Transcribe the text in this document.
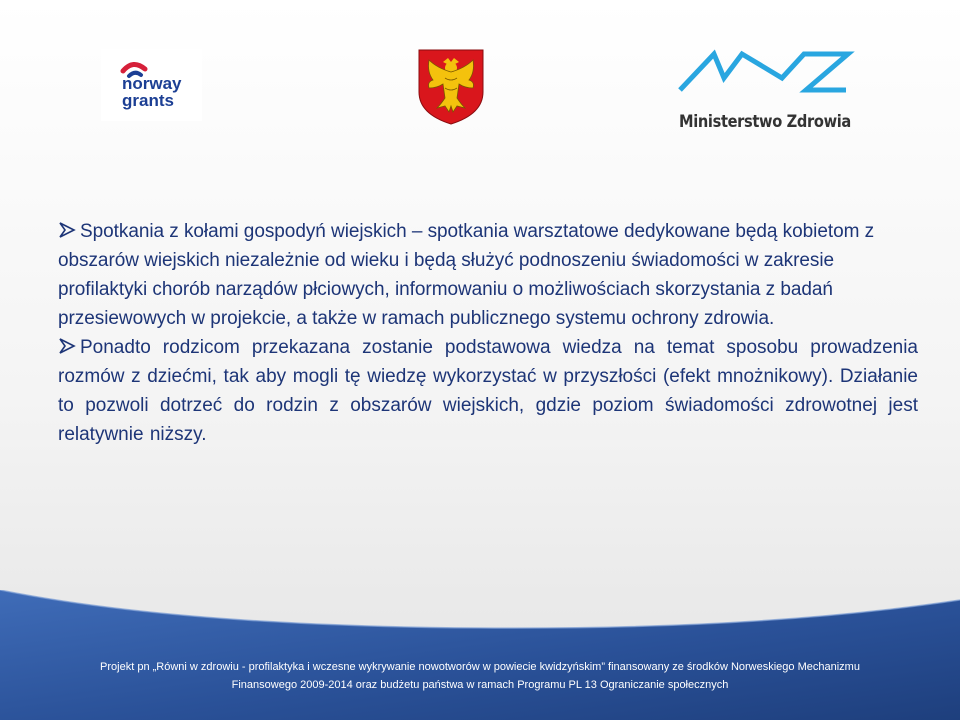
norway
grants
Ministerstwo Zdrowia

Spotkania z kołami gospodyń wiejskich – spotkania warsztatowe dedykowane będą kobietom z obszarów wiejskich niezależnie od wieku i będą służyć podnoszeniu świadomości w zakresie profilaktyki chorób narządów płciowych, informowaniu o możliwościach skorzystania z badań przesiewowych w projekcie, a także w ramach publicznego systemu ochrony zdrowia.

Ponadto rodzicom przekazana zostanie podstawowa wiedza na temat sposobu prowadzenia rozmów z dziećmi, tak aby mogli tę wiedzę wykorzystać w przyszłości (efekt mnożnikowy). Działanie to pozwoli dotrzeć do rodzin z obszarów wiejskich, gdzie poziom świadomości zdrowotnej jest relatywnie niższy.

Projekt pn „Równi w zdrowiu - profilaktyka i wczesne wykrywanie nowotworów w powiecie kwidzyńskim” finansowany ze środków Norweskiego Mechanizmu
Finansowego 2009-2014 oraz budżetu państwa w ramach Programu PL 13 Ograniczanie społecznych
